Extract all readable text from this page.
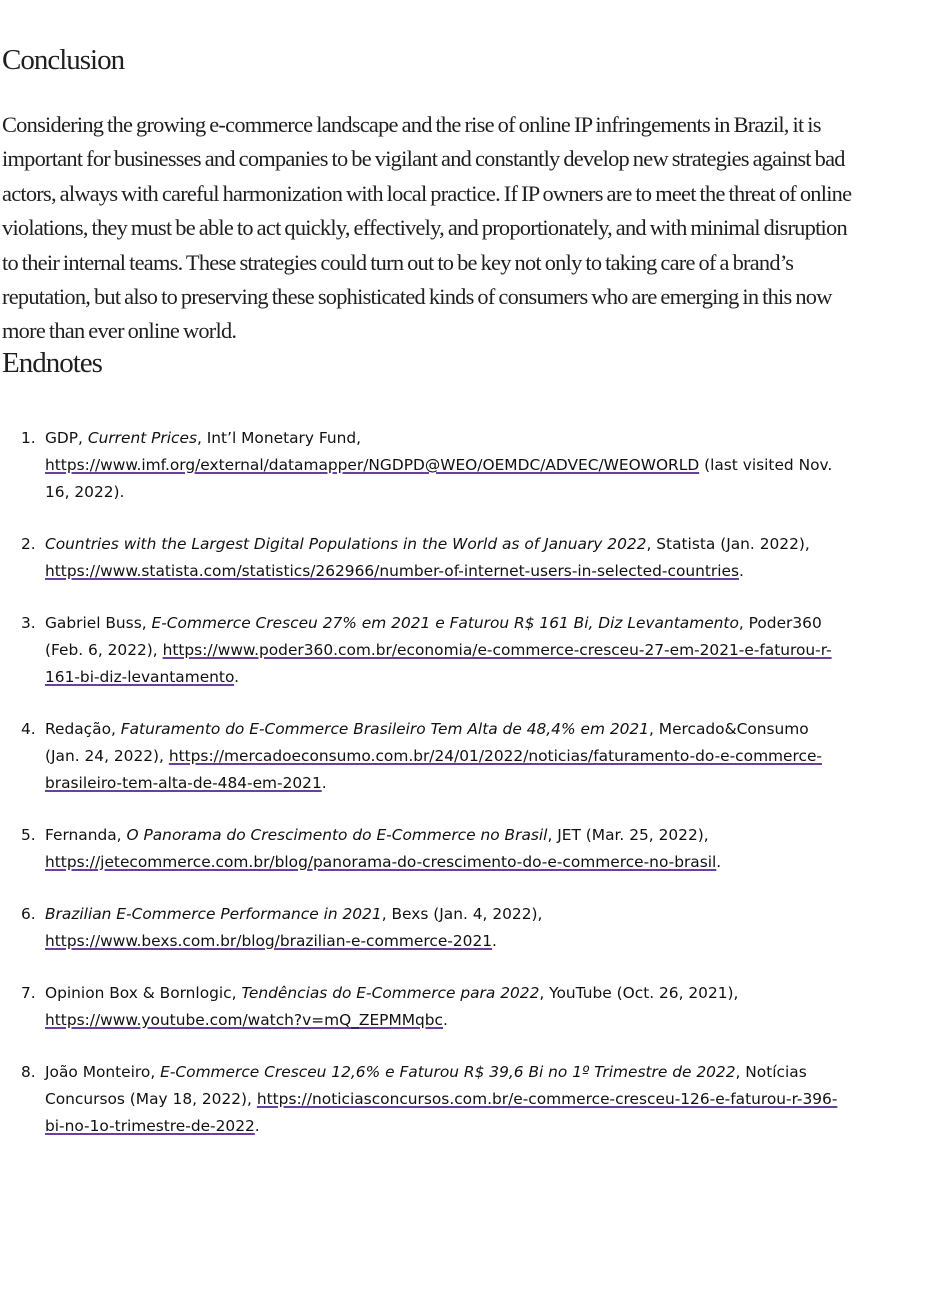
Conclusion

Considering the growing e-commerce landscape and the rise of online IP infringements in Brazil, it is important for businesses and companies to be vigilant and constantly develop new strategies against bad actors, always with careful harmonization with local practice. If IP owners are to meet the threat of online violations, they must be able to act quickly, effectively, and proportionately, and with minimal disruption to their internal teams. These strategies could turn out to be key not only to taking care of a brand’s reputation, but also to preserving these sophisticated kinds of consumers who are emerging in this now more than ever online world.

Endnotes
1. GDP, Current Prices, Int’l Monetary Fund, https://www.imf.org/external/datamapper/NGDPD@WEO/OEMDC/ADVEC/WEOWORLD (last visited Nov. 16, 2022).
2. Countries with the Largest Digital Populations in the World as of January 2022, Statista (Jan. 2022), https://www.statista.com/statistics/262966/number-of-internet-users-in-selected-countries.
3. Gabriel Buss, E-Commerce Cresceu 27% em 2021 e Faturou R$ 161 Bi, Diz Levantamento, Poder360 (Feb. 6, 2022), https://www.poder360.com.br/economia/e-commerce-cresceu-27-em-2021-e-faturou-r-161-bi-diz-levantamento.
4. Redação, Faturamento do E-Commerce Brasileiro Tem Alta de 48,4% em 2021, Mercado&Consumo (Jan. 24, 2022), https://mercadoeconsumo.com.br/24/01/2022/noticias/faturamento-do-e-commerce-brasileiro-tem-alta-de-484-em-2021.
5. Fernanda, O Panorama do Crescimento do E-Commerce no Brasil, JET (Mar. 25, 2022), https://jetecommerce.com.br/blog/panorama-do-crescimento-do-e-commerce-no-brasil.
6. Brazilian E-Commerce Performance in 2021, Bexs (Jan. 4, 2022), https://www.bexs.com.br/blog/brazilian-e-commerce-2021.
7. Opinion Box & Bornlogic, Tendências do E-Commerce para 2022, YouTube (Oct. 26, 2021), https://www.youtube.com/watch?v=mQ_ZEPMMqbc.
8. João Monteiro, E-Commerce Cresceu 12,6% e Faturou R$ 39,6 Bi no 1º Trimestre de 2022, Notícias Concursos (May 18, 2022), https://noticiasconcursos.com.br/e-commerce-cresceu-126-e-faturou-r-396-bi-no-1o-trimestre-de-2022.
